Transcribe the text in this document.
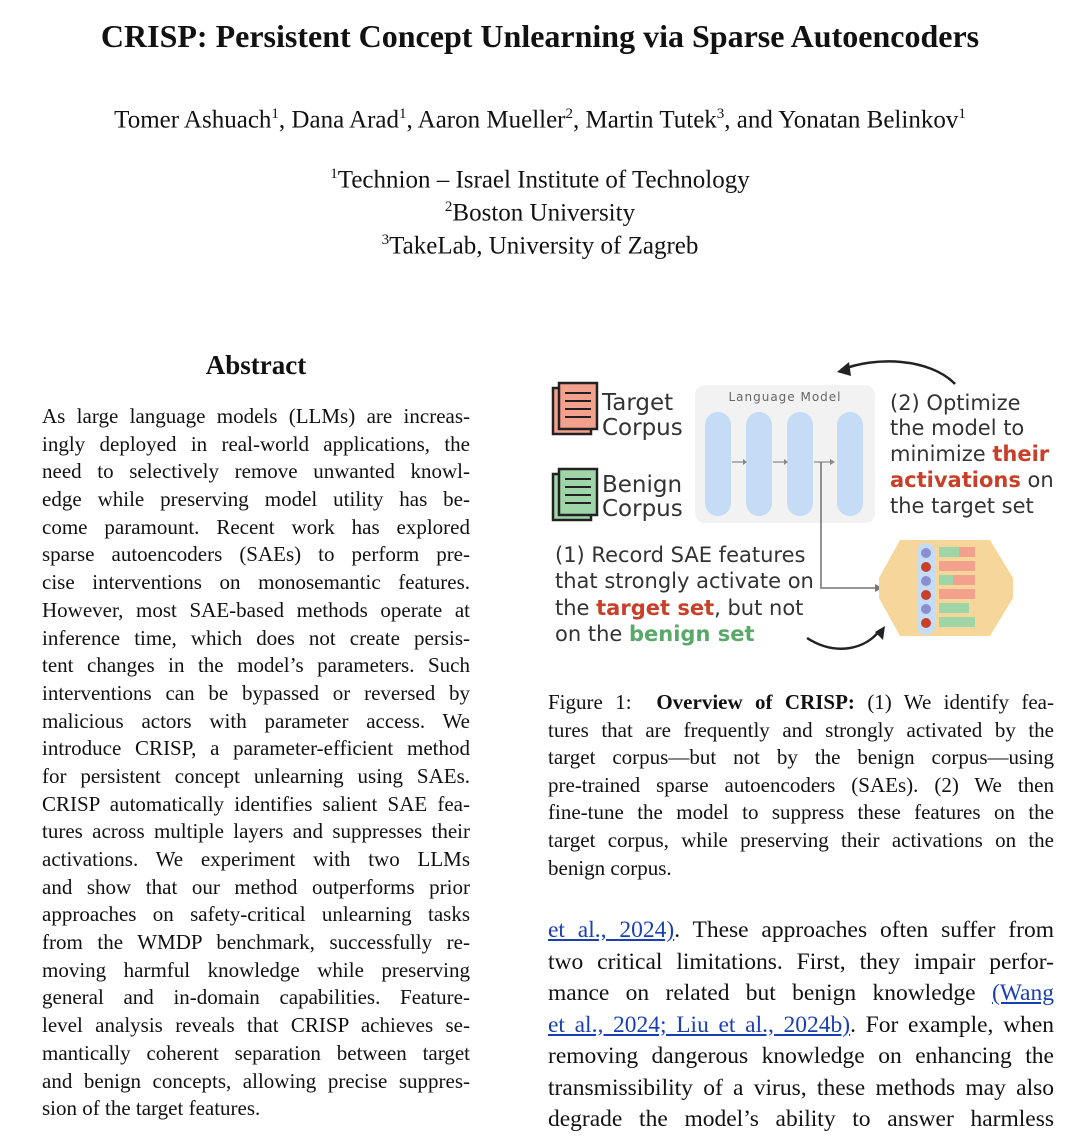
CRISP: Persistent Concept Unlearning via Sparse Autoencoders
Tomer Ashuach$^1$, Dana Arad$^1$, Aaron Mueller$^2$, Martin Tutek$^3$, and Yonatan Belinkov$^1$
$^1$Technion – Israel Institute of Technology
$^2$Boston University
$^3$TakeLab, University of Zagreb
Abstract
As large language models (LLMs) are increas-
ingly deployed in real-world applications, the
need to selectively remove unwanted knowl-
edge while preserving model utility has be-
come paramount. Recent work has explored
sparse autoencoders (SAEs) to perform pre-
cise interventions on monosemantic features.
However, most SAE-based methods operate at
inference time, which does not create persis-
tent changes in the model’s parameters. Such
interventions can be bypassed or reversed by
malicious actors with parameter access. We
introduce CRISP, a parameter-efficient method
for persistent concept unlearning using SAEs.
CRISP automatically identifies salient SAE fea-
tures across multiple layers and suppresses their
activations. We experiment with two LLMs
and show that our method outperforms prior
approaches on safety-critical unlearning tasks
from the WMDP benchmark, successfully re-
moving harmful knowledge while preserving
general and in-domain capabilities. Feature-
level analysis reveals that CRISP achieves se-
mantically coherent separation between target
and benign concepts, allowing precise suppres-
sion of the target features.
Target
Corpus
Benign
Corpus
Language Model (2) Optimize
the model to
minimize their
activations on
the target set
(1) Record SAE features
that strongly activate on
the target set, but not
on the benign set
Figure 1: Overview of CRISP: (1) We identify fea-
tures that are frequently and strongly activated by the
target corpus—but not by the benign corpus—using
pre-trained sparse autoencoders (SAEs). (2) We then
fine-tune the model to suppress these features on the
target corpus, while preserving their activations on the
benign corpus.
et al., 2024). These approaches often suffer from
two critical limitations. First, they impair perfor-
mance on related but benign knowledge (Wang
et al., 2024; Liu et al., 2024b). For example, when
removing dangerous knowledge on enhancing the
transmissibility of a virus, these methods may also
degrade the model’s ability to answer harmless
